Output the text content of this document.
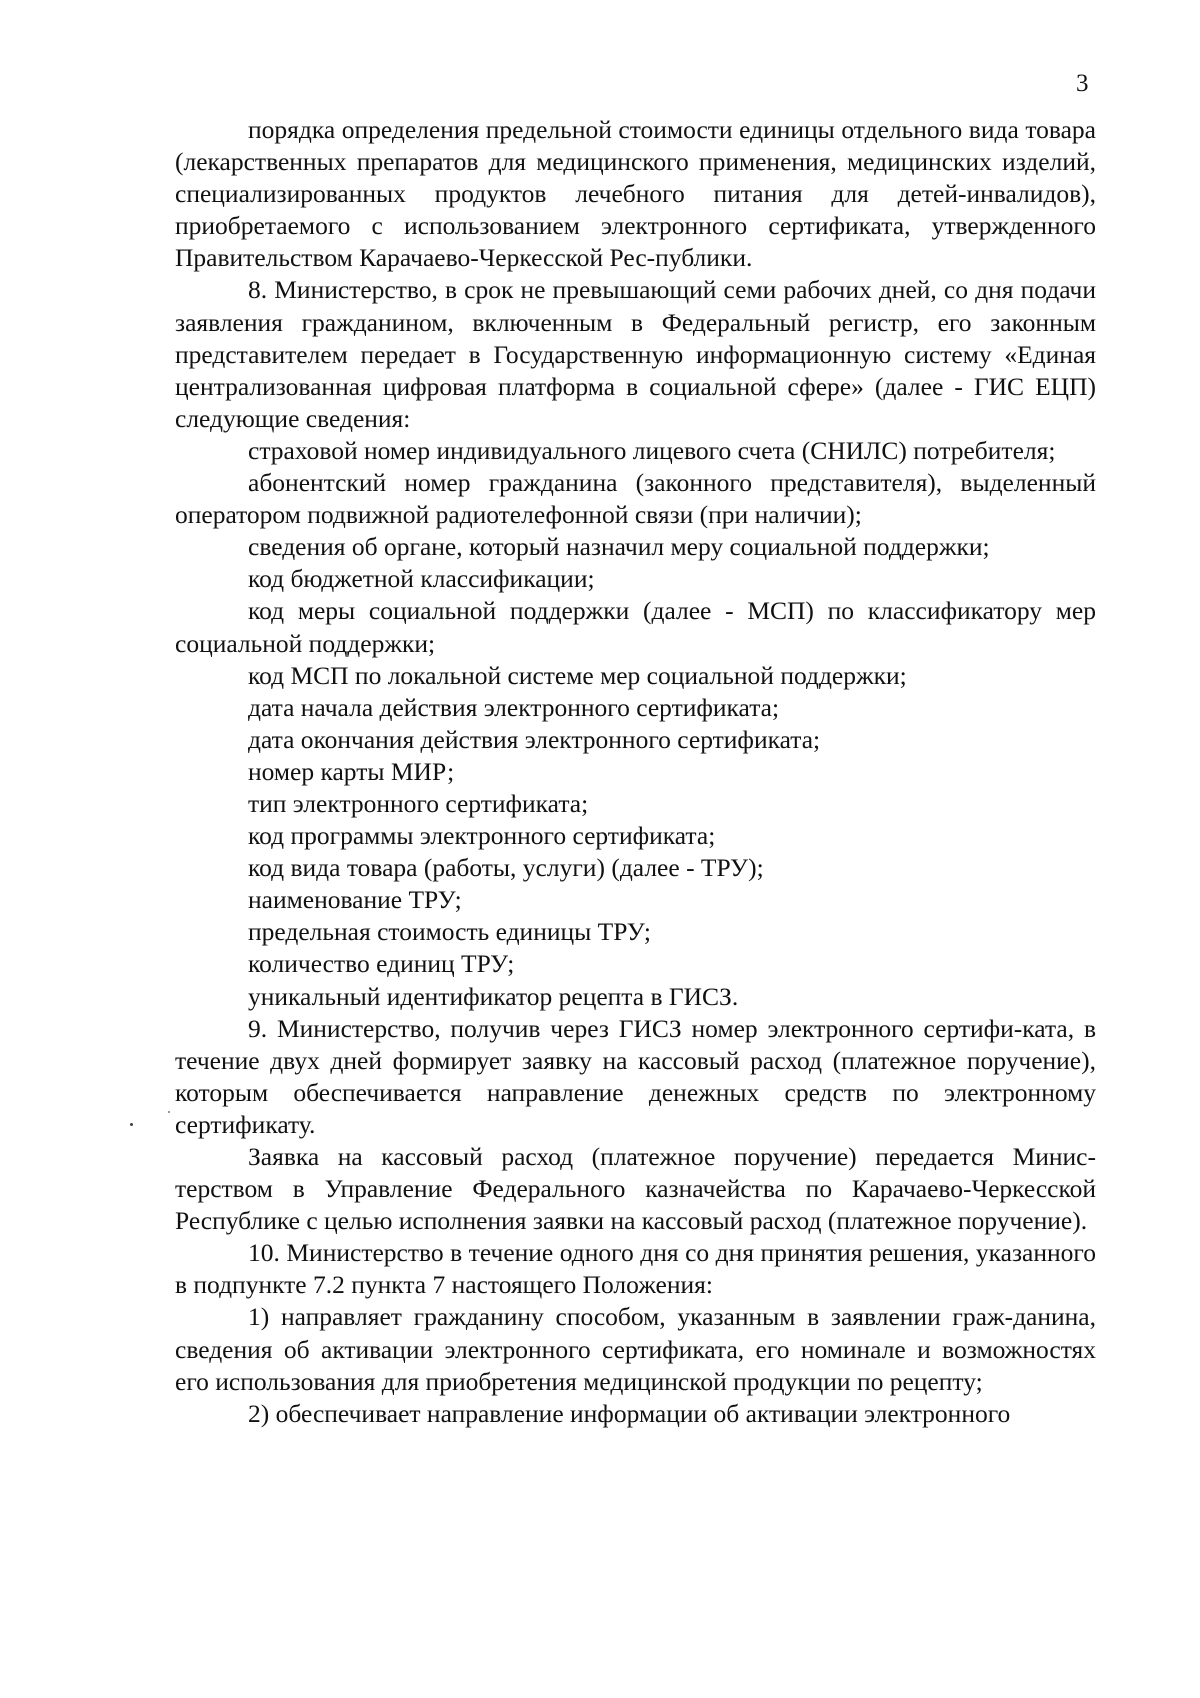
3

порядка определения предельной стоимости единицы отдельного вида товара (лекарственных препаратов для медицинского применения, медицинских изделий, специализированных продуктов лечебного питания для детей-инвалидов), приобретаемого с использованием электронного сертификата, утвержденного Правительством Карачаево-Черкесской Рес-публики.

8. Министерство, в срок не превышающий семи рабочих дней, со дня подачи заявления гражданином, включенным в Федеральный регистр, его законным представителем передает в Государственную информационную систему «Единая централизованная цифровая платформа в социальной сфере» (далее - ГИС ЕЦП) следующие сведения:

страховой номер индивидуального лицевого счета (СНИЛС) потребителя;

абонентский номер гражданина (законного представителя), выделенный оператором подвижной радиотелефонной связи (при наличии);

сведения об органе, который назначил меру социальной поддержки;

код бюджетной классификации;

код меры социальной поддержки (далее - МСП) по классификатору мер социальной поддержки;

код МСП по локальной системе мер социальной поддержки;

дата начала действия электронного сертификата;

дата окончания действия электронного сертификата;

номер карты МИР;

тип электронного сертификата;

код программы электронного сертификата;

код вида товара (работы, услуги) (далее - ТРУ);

наименование ТРУ;

предельная стоимость единицы ТРУ;

количество единиц ТРУ;

уникальный идентификатор рецепта в ГИСЗ.

9. Министерство, получив через ГИСЗ номер электронного сертифи-ката, в течение двух дней формирует заявку на кассовый расход (платежное поручение), которым обеспечивается направление денежных средств по электронному сертификату.

Заявка на кассовый расход (платежное поручение) передается Минис-терством в Управление Федерального казначейства по Карачаево-Черкесской Республике с целью исполнения заявки на кассовый расход (платежное поручение).

10. Министерство в течение одного дня со дня принятия решения, указанного в подпункте 7.2 пункта 7 настоящего Положения:

1) направляет гражданину способом, указанным в заявлении граж-данина, сведения об активации электронного сертификата, его номинале и возможностях его использования для приобретения медицинской продукции по рецепту;

2) обеспечивает направление информации об активации электронного
